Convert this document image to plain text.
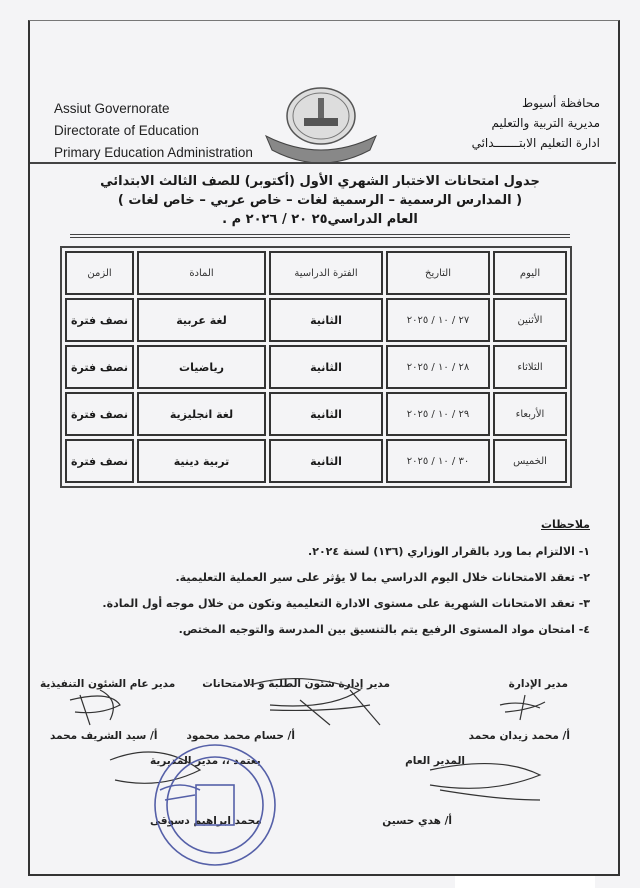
Assiut Governorate
Directorate of Education
Primary Education Administration
محافظة أسيوط
مديرية التربية والتعليم
ادارة التعليم الابتـــــــدائي
جدول امتحانات الاختبار الشهري الأول (أكتوبر) للصف الثالث الابتدائي
( المدارس الرسمية – الرسمية لغات – خاص عربي – خاص لغات )
العام الدراسي٢٥ ٢٠ / ٢٠٢٦ م .
اليوم	التاريخ	الفترة الدراسية	المادة	الزمن
الأثنين	٢٧ / ١٠ / ٢٠٢٥	الثانية	لغة عربية	نصف فترة
الثلاثاء	٢٨ / ١٠ / ٢٠٢٥	الثانية	رياضيات	نصف فترة
الأربعاء	٢٩ / ١٠ / ٢٠٢٥	الثانية	لغة انجليزية	نصف فترة
الخميس	٣٠ / ١٠ / ٢٠٢٥	الثانية	تربية دينية	نصف فترة
ملاحظات
١- الالتزام بما ورد بالقرار الوزاري (١٣٦) لسنة ٢٠٢٤.
٢- تعقد الامتحانات خلال اليوم الدراسي بما لا يؤثر على سير العملية التعليمية.
٣- تعقد الامتحانات الشهرية على مستوى الادارة التعليمية وتكون من خلال موجه أول المادة.
٤- امتحان مواد المستوى الرفيع يتم بالتنسيق بين المدرسة والتوجيه المختص.
مدير الإدارة
مدير إدارة شئون الطلبة و الامتحانات
مدير عام الشئون التنفيذية
أ/ محمد زيدان محمد
أ/ حسام محمد محمود
أ/ سيد الشريف محمد
المدير العام
أ/ هدي حسين
يعتمد ،، مدير المديرية
محمد ابراهيم دسوقى
